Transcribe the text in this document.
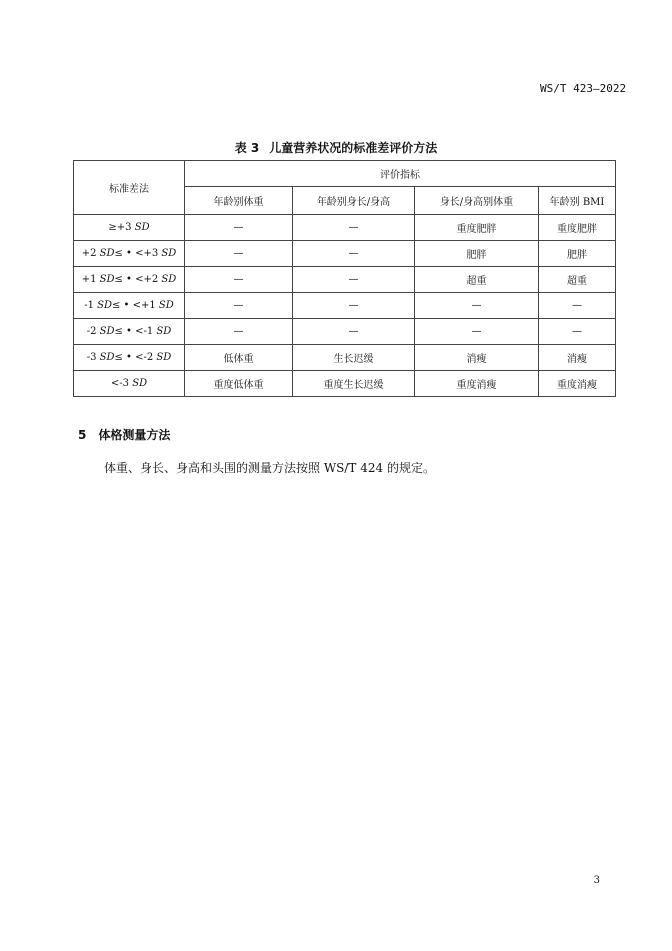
WS/T 423—2022
表 3 儿童营养状况的标准差评价方法
标准差法	评价指标			
	年龄别体重	年龄别身长/身高	身长/身高别体重	年龄别 BMI
≥+3 SD	—	—	重度肥胖	重度肥胖
+2 SD≤ • <+3 SD	—	—	肥胖	肥胖
+1 SD≤ • <+2 SD	—	—	超重	超重
-1 SD≤ • <+1 SD	—	—	—	—
-2 SD≤ • <-1 SD	—	—	—	—
-3 SD≤ • <-2 SD	低体重	生长迟缓	消瘦	消瘦
<-3 SD	重度低体重	重度生长迟缓	重度消瘦	重度消瘦
5 体格测量方法
体重、身长、身高和头围的测量方法按照 WS/T 424 的规定。
3
